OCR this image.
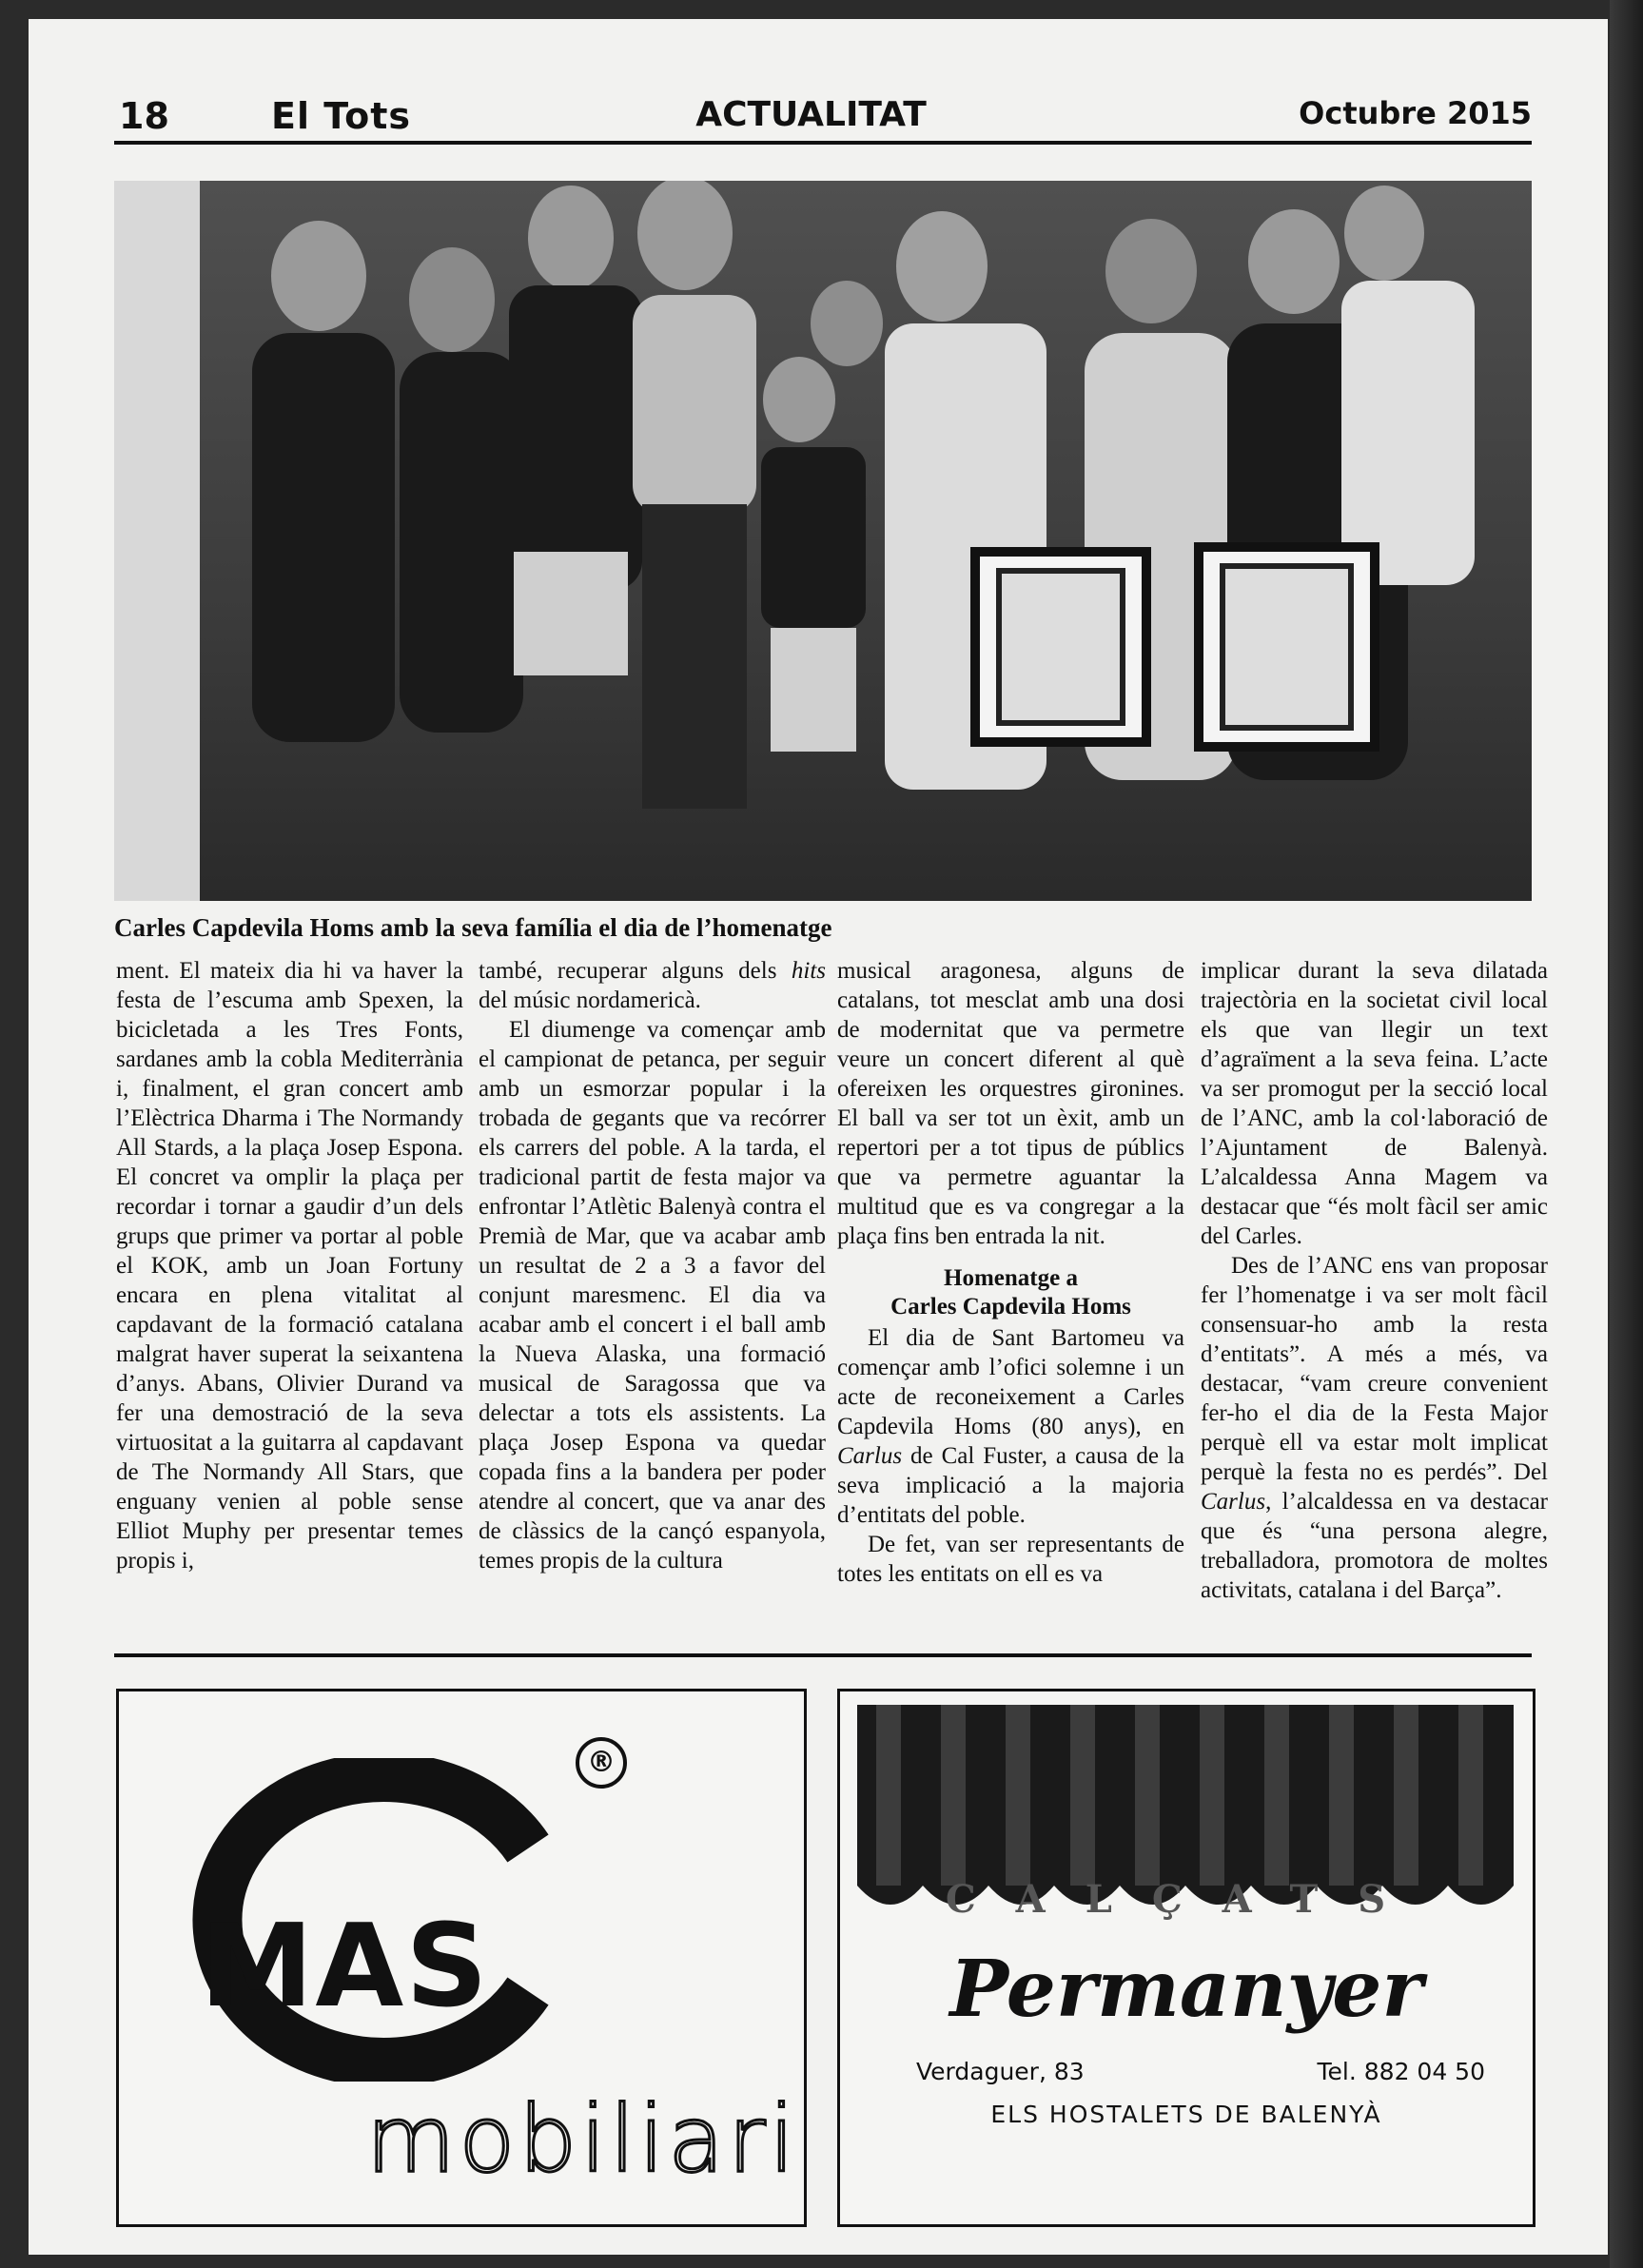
18	El Tots	ACTUALITAT	Octubre 2015
Carles Capdevila Homs amb la seva família el dia de l’homenatge

ment. El mateix dia hi va haver la festa de l’escuma amb Spexen, la bicicletada a les Tres Fonts, sardanes amb la cobla Mediterrània i, finalment, el gran concert amb l’Elèctrica Dharma i The Normandy All Stards, a la plaça Josep Espona. El concret va omplir la plaça per recordar i tornar a gaudir d’un dels grups que primer va portar al poble el KOK, amb un Joan Fortuny encara en plena vitalitat al capdavant de la formació catalana malgrat haver superat la seixantena d’anys. Abans, Olivier Durand va fer una demostració de la seva virtuositat a la guitarra al capdavant de The Normandy All Stars, que enguany venien al poble sense Elliot Muphy per presentar temes propis i,

també, recuperar alguns dels hits del músic nordamericà.

El diumenge va començar amb el campionat de petanca, per seguir amb un esmorzar popular i la trobada de gegants que va recórrer els carrers del poble. A la tarda, el tradicional partit de festa major va enfrontar l’Atlètic Balenyà contra el Premià de Mar, que va acabar amb un resultat de 2 a 3 a favor del conjunt maresmenc. El dia va acabar amb el concert i el ball amb la Nueva Alaska, una formació musical de Saragossa que va delectar a tots els assistents. La plaça Josep Espona va quedar copada fins a la bandera per poder atendre al concert, que va anar des de clàssics de la cançó espanyola, temes propis de la cultura

musical aragonesa, alguns de catalans, tot mesclat amb una dosi de modernitat que va permetre veure un concert diferent al què ofereixen les orquestres gironines. El ball va ser tot un èxit, amb un repertori per a tot tipus de públics que va permetre aguantar la multitud que es va congregar a la plaça fins ben entrada la nit.

Homenatge a
Carles Capdevila Homs

El dia de Sant Bartomeu va començar amb l’ofici solemne i un acte de reconeixement a Carles Capdevila Homs (80 anys), en Carlus de Cal Fuster, a causa de la seva implicació a la majoria d’entitats del poble.

De fet, van ser representants de totes les entitats on ell es va

implicar durant la seva dilatada trajectòria en la societat civil local els que van llegir un text d’agraïment a la seva feina. L’acte va ser promogut per la secció local de l’ANC, amb la col·laboració de l’Ajuntament de Balenyà. L’alcaldessa Anna Magem va destacar que “és molt fàcil ser amic del Carles.

Des de l’ANC ens van proposar fer l’homenatge i va ser molt fàcil consensuar-ho amb la resta d’entitats”. A més a més, va destacar, “vam creure convenient fer-ho el dia de la Festa Major perquè ell va estar molt implicat perquè la festa no es perdés”. Del Carlus, l’alcaldessa en va destacar que és “una persona alegre, treballadora, promotora de moltes activitats, catalana i del Barça”.

®
MAS
mobiliari
CALÇATS
Permanyer
Verdaguer, 83	Tel. 882 04 50
ELS HOSTALETS DE BALENYÀ
